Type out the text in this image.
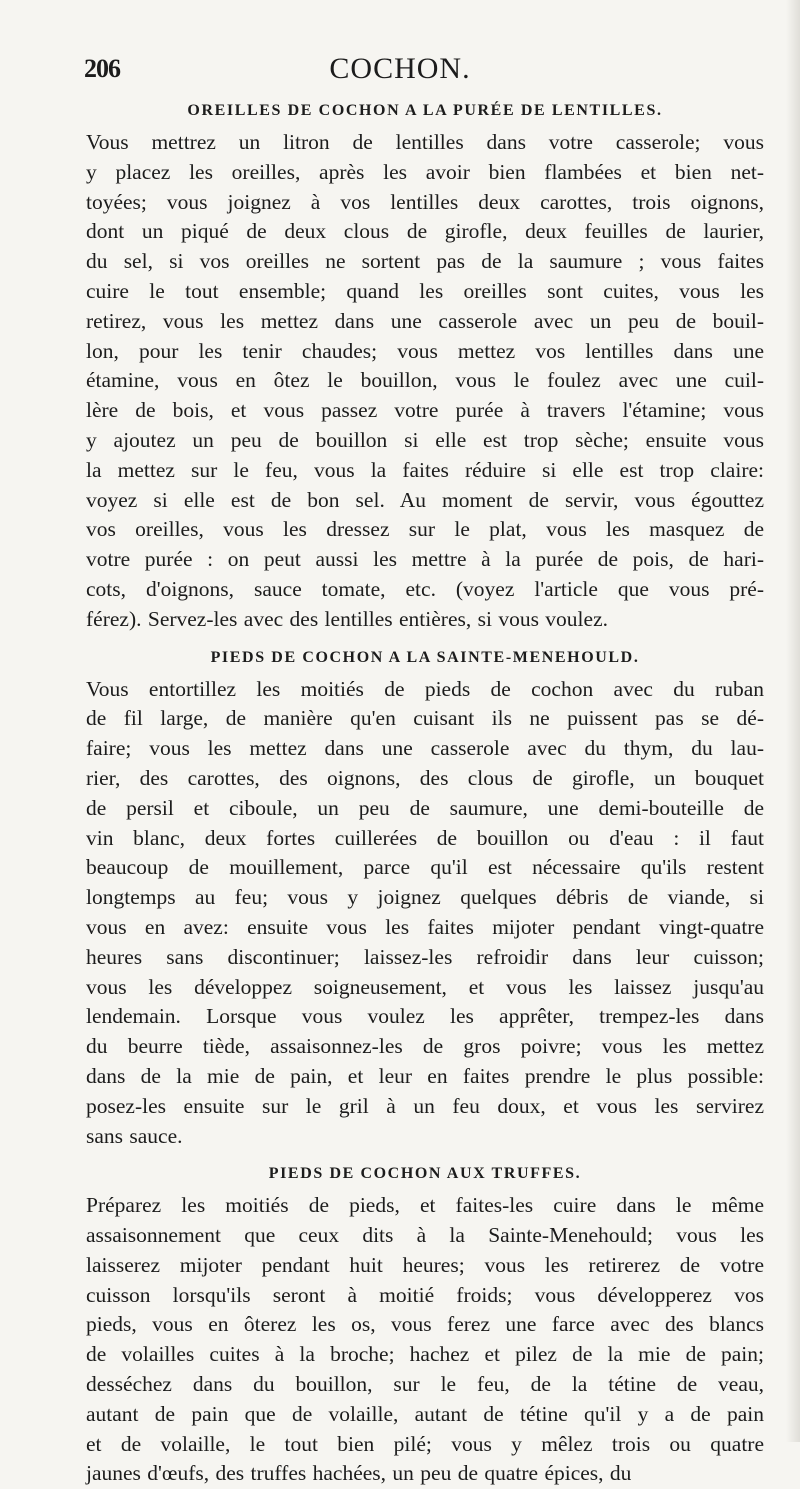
206	COCHON.
OREILLES DE COCHON A LA PURÉE DE LENTILLES.
Vous mettrez un litron de lentilles dans votre casserole; vous
y placez les oreilles, après les avoir bien flambées et bien net-
toyées; vous joignez à vos lentilles deux carottes, trois oignons,
dont un piqué de deux clous de girofle, deux feuilles de laurier,
du sel, si vos oreilles ne sortent pas de la saumure ; vous faites
cuire le tout ensemble; quand les oreilles sont cuites, vous les
retirez, vous les mettez dans une casserole avec un peu de bouil-
lon, pour les tenir chaudes; vous mettez vos lentilles dans une
étamine, vous en ôtez le bouillon, vous le foulez avec une cuil-
lère de bois, et vous passez votre purée à travers l'étamine; vous
y ajoutez un peu de bouillon si elle est trop sèche; ensuite vous
la mettez sur le feu, vous la faites réduire si elle est trop claire:
voyez si elle est de bon sel. Au moment de servir, vous égouttez
vos oreilles, vous les dressez sur le plat, vous les masquez de
votre purée : on peut aussi les mettre à la purée de pois, de hari-
cots, d'oignons, sauce tomate, etc. (voyez l'article que vous pré-
férez). Servez-les avec des lentilles entières, si vous voulez.
PIEDS DE COCHON A LA SAINTE-MENEHOULD.
Vous entortillez les moitiés de pieds de cochon avec du ruban
de fil large, de manière qu'en cuisant ils ne puissent pas se dé-
faire; vous les mettez dans une casserole avec du thym, du lau-
rier, des carottes, des oignons, des clous de girofle, un bouquet
de persil et ciboule, un peu de saumure, une demi-bouteille de
vin blanc, deux fortes cuillerées de bouillon ou d'eau : il faut
beaucoup de mouillement, parce qu'il est nécessaire qu'ils restent
longtemps au feu; vous y joignez quelques débris de viande, si
vous en avez: ensuite vous les faites mijoter pendant vingt-quatre
heures sans discontinuer; laissez-les refroidir dans leur cuisson;
vous les développez soigneusement, et vous les laissez jusqu'au
lendemain. Lorsque vous voulez les apprêter, trempez-les dans
du beurre tiède, assaisonnez-les de gros poivre; vous les mettez
dans de la mie de pain, et leur en faites prendre le plus possible:
posez-les ensuite sur le gril à un feu doux, et vous les servirez
sans sauce.
PIEDS DE COCHON AUX TRUFFES.
Préparez les moitiés de pieds, et faites-les cuire dans le même
assaisonnement que ceux dits à la Sainte-Menehould; vous les
laisserez mijoter pendant huit heures; vous les retirerez de votre
cuisson lorsqu'ils seront à moitié froids; vous développerez vos
pieds, vous en ôterez les os, vous ferez une farce avec des blancs
de volailles cuites à la broche; hachez et pilez de la mie de pain;
desséchez dans du bouillon, sur le feu, de la tétine de veau,
autant de pain que de volaille, autant de tétine qu'il y a de pain
et de volaille, le tout bien pilé; vous y mêlez trois ou quatre
jaunes d'œufs, des truffes hachées, un peu de quatre épices, du
